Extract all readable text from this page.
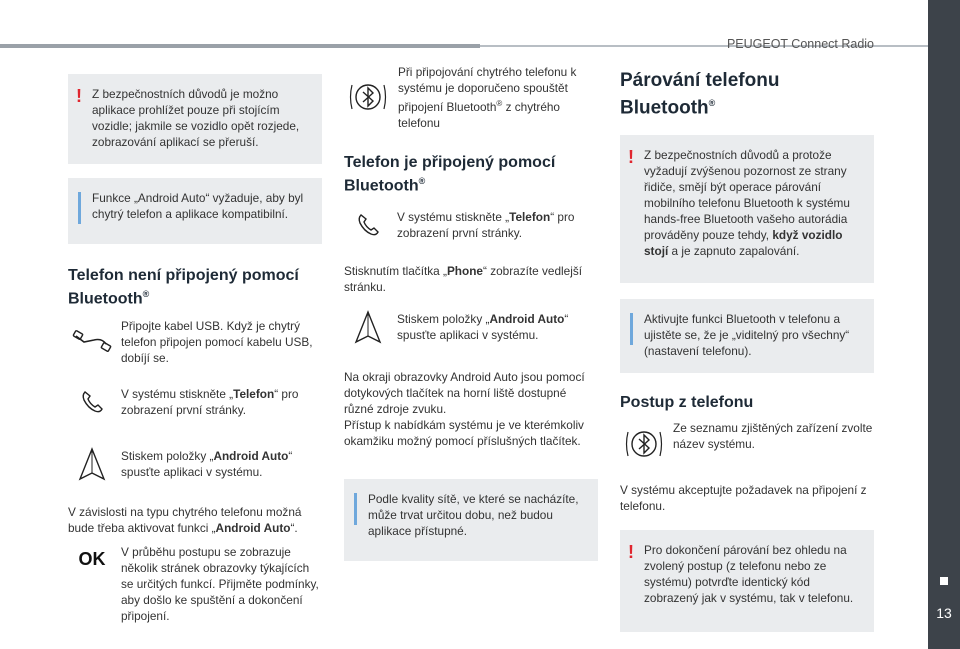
PEUGEOT Connect Radio
13
! Z bezpečnostních důvodů je možno aplikace prohlížet pouze při stojícím vozidle; jakmile se vozidlo opět rozjede, zobrazování aplikací se přeruší.
Funkce „Android Auto“ vyžaduje, aby byl chytrý telefon a aplikace kompatibilní.
Telefon není připojený pomocí Bluetooth®
Připojte kabel USB. Když je chytrý telefon připojen pomocí kabelu USB, dobíjí se.
V systému stiskněte „Telefon“ pro zobrazení první stránky.
Stiskem položky „Android Auto“ spusťte aplikaci v systému.

V závislosti na typu chytrého telefonu možná bude třeba aktivovat funkci „Android Auto“.

OK	V průběhu postupu se zobrazuje několik stránek obrazovky týkajících se určitých funkcí. Přijměte podmínky, aby došlo ke spuštění a dokončení připojení.
Při připojování chytrého telefonu k systému je doporučeno spouštět připojení Bluetooth® z chytrého telefonu
Telefon je připojený pomocí Bluetooth®
V systému stiskněte „Telefon“ pro zobrazení první stránky.

Stisknutím tlačítka „Phone“ zobrazíte vedlejší stránku.

Stiskem položky „Android Auto“ spusťte aplikaci v systému.

Na okraji obrazovky Android Auto jsou pomocí dotykových tlačítek na horní liště dostupné různé zdroje zvuku.

Přístup k nabídkám systému je ve kterémkoliv okamžiku možný pomocí příslušných tlačítek.

Podle kvality sítě, ve které se nacházíte, může trvat určitou dobu, než budou aplikace přístupné.
Párování telefonu Bluetooth®
! Z bezpečnostních důvodů a protože vyžadují zvýšenou pozornost ze strany řidiče, smějí být operace párování mobilního telefonu Bluetooth k systému hands-free Bluetooth vašeho autorádia prováděny pouze tehdy, když vozidlo stojí a je zapnuto zapalování.
Aktivujte funkci Bluetooth v telefonu a ujistěte se, že je „viditelný pro všechny“ (nastavení telefonu).
Postup z telefonu
Ze seznamu zjištěných zařízení zvolte název systému.

V systému akceptujte požadavek na připojení z telefonu.

! Pro dokončení párování bez ohledu na zvolený postup (z telefonu nebo ze systému) potvrďte identický kód zobrazený jak v systému, tak v telefonu.
